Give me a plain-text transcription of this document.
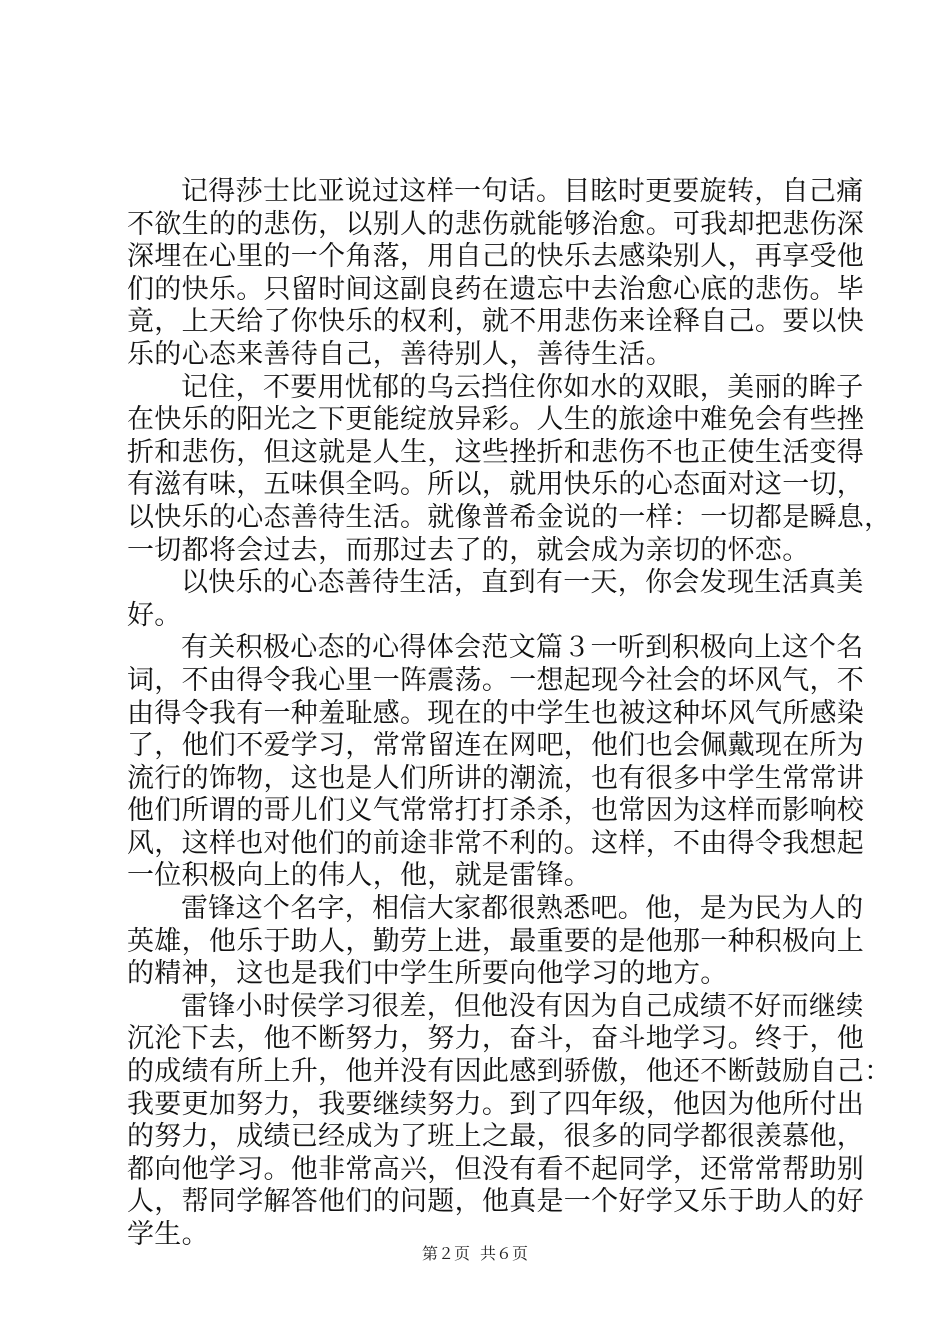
记得莎士比亚说过这样一句话。目眩时更要旋转，自己痛
不欲生的的悲伤，以别人的悲伤就能够治愈。可我却把悲伤深
深埋在心里的一个角落，用自己的快乐去感染别人，再享受他
们的快乐。只留时间这副良药在遗忘中去治愈心底的悲伤。毕
竟，上天给了你快乐的权利，就不用悲伤来诠释自己。要以快
乐的心态来善待自己，善待别人，善待生活。
记住，不要用忧郁的乌云挡住你如水的双眼，美丽的眸子
在快乐的阳光之下更能绽放异彩。人生的旅途中难免会有些挫
折和悲伤，但这就是人生，这些挫折和悲伤不也正使生活变得
有滋有味，五味俱全吗。所以，就用快乐的心态面对这一切，
以快乐的心态善待生活。就像普希金说的一样：一切都是瞬息，
一切都将会过去，而那过去了的，就会成为亲切的怀恋。
以快乐的心态善待生活，直到有一天，你会发现生活真美
好。
有关积极心态的心得体会范文篇３一听到积极向上这个名
词，不由得令我心里一阵震荡。一想起现今社会的坏风气，不
由得令我有一种羞耻感。现在的中学生也被这种坏风气所感染
了，他们不爱学习，常常留连在网吧，他们也会佩戴现在所为
流行的饰物，这也是人们所讲的潮流，也有很多中学生常常讲
他们所谓的哥儿们义气常常打打杀杀，也常因为这样而影响校
风，这样也对他们的前途非常不利的。这样，不由得令我想起
一位积极向上的伟人，他，就是雷锋。
雷锋这个名字，相信大家都很熟悉吧。他，是为民为人的
英雄，他乐于助人，勤劳上进，最重要的是他那一种积极向上
的精神，这也是我们中学生所要向他学习的地方。
雷锋小时侯学习很差，但他没有因为自己成绩不好而继续
沉沦下去，他不断努力，努力，奋斗，奋斗地学习。终于，他
的成绩有所上升，他并没有因此感到骄傲，他还不断鼓励自己：
我要更加努力，我要继续努力。到了四年级，他因为他所付出
的努力，成绩已经成为了班上之最，很多的同学都很羡慕他，
都向他学习。他非常高兴，但没有看不起同学，还常常帮助别
人，帮同学解答他们的问题，他真是一个好学又乐于助人的好
学生。
第２页 共６页
